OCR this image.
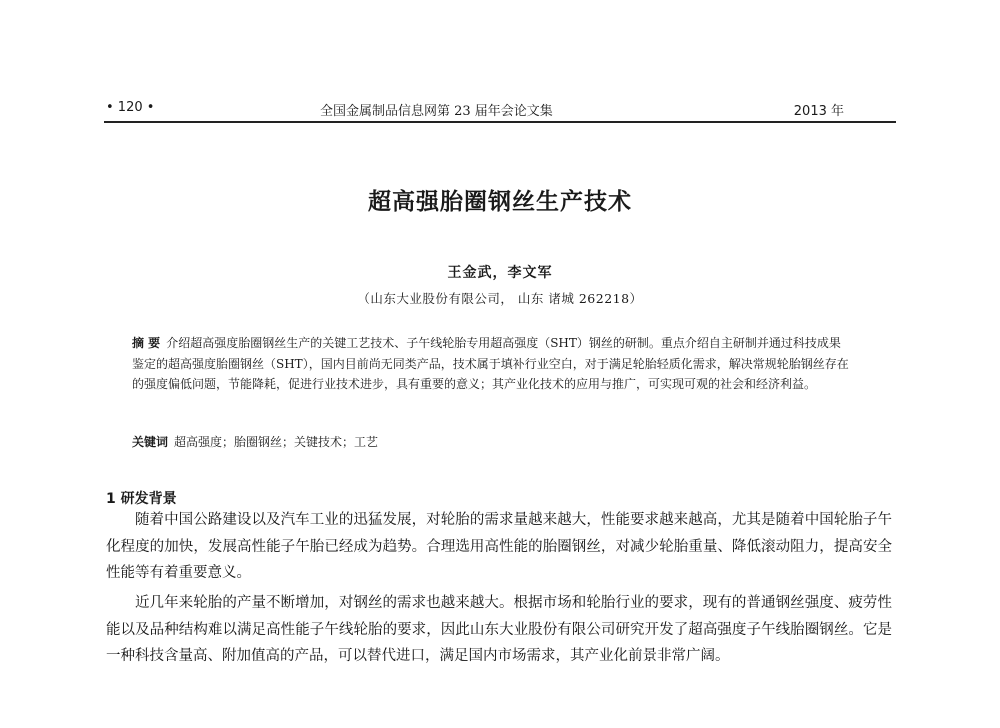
• 120 •	全国金属制品信息网第 23 届年会论文集	2013 年
超高强胎圈钢丝生产技术
王金武，李文军
（山东大业股份有限公司， 山东 诸城 262218）
摘 要 介绍超高强度胎圈钢丝生产的关键工艺技术、子午线轮胎专用超高强度（SHT）钢丝的研制。重点介绍自主研制并通过科技成果鉴定的超高强度胎圈钢丝（SHT），国内目前尚无同类产品，技术属于填补行业空白，对于满足轮胎轻质化需求，解决常规轮胎钢丝存在的强度偏低问题，节能降耗，促进行业技术进步，具有重要的意义；其产业化技术的应用与推广，可实现可观的社会和经济利益。
关键词 超高强度；胎圈钢丝；关键技术；工艺
1 研发背景

随着中国公路建设以及汽车工业的迅猛发展，对轮胎的需求量越来越大，性能要求越来越高，尤其是随着中国轮胎子午化程度的加快，发展高性能子午胎已经成为趋势。合理选用高性能的胎圈钢丝，对减少轮胎重量、降低滚动阻力，提高安全性能等有着重要意义。

近几年来轮胎的产量不断增加，对钢丝的需求也越来越大。根据市场和轮胎行业的要求，现有的普通钢丝强度、疲劳性能以及品种结构难以满足高性能子午线轮胎的要求，因此山东大业股份有限公司研究开发了超高强度子午线胎圈钢丝。它是一种科技含量高、附加值高的产品，可以替代进口，满足国内市场需求，其产业化前景非常广阔。
